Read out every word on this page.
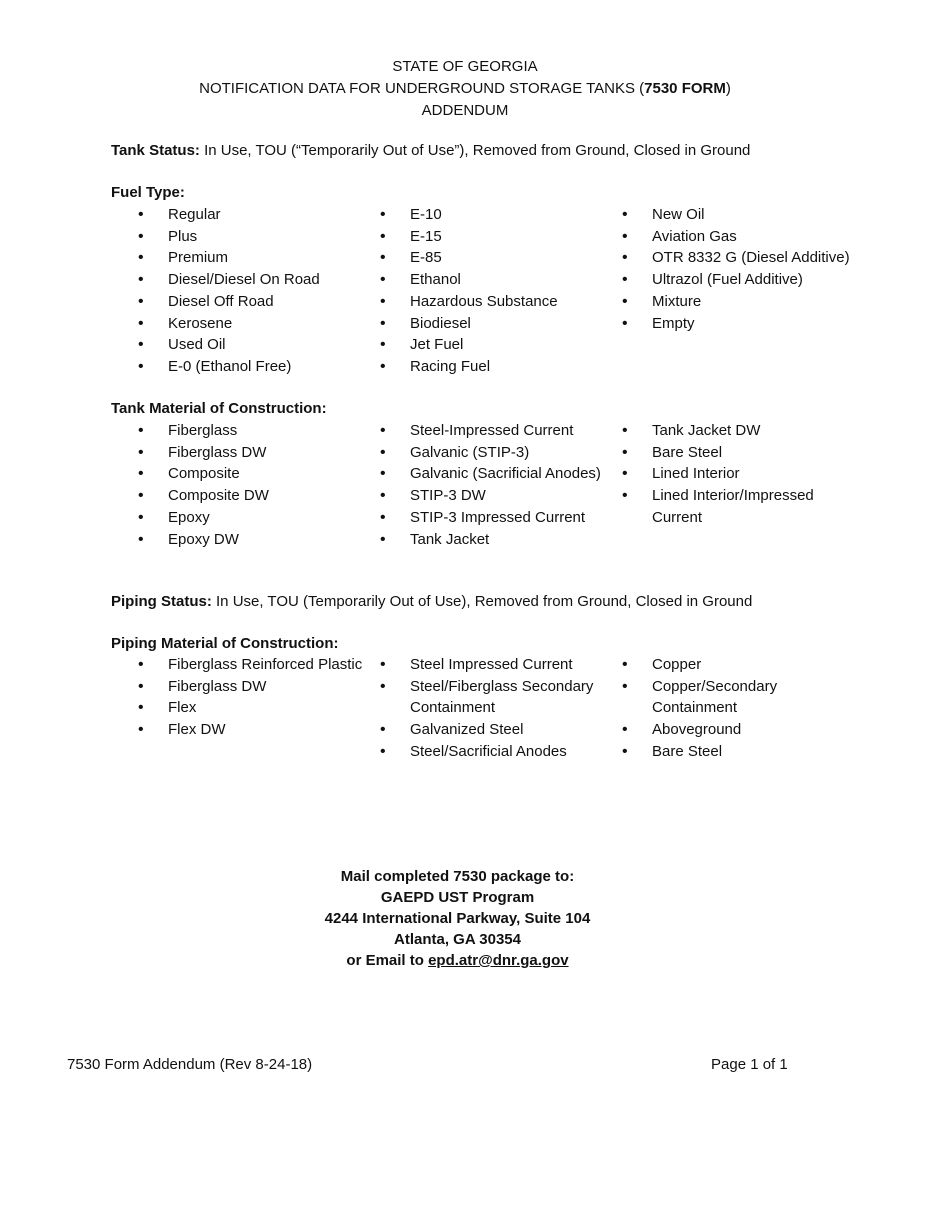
STATE OF GEORGIA
NOTIFICATION DATA FOR UNDERGROUND STORAGE TANKS (7530 FORM)
ADDENDUM
Tank Status: In Use, TOU (“Temporarily Out of Use”), Removed from Ground, Closed in Ground
Fuel Type:
• Regular
• Plus
• Premium
• Diesel/Diesel On Road
• Diesel Off Road
• Kerosene
• Used Oil
• E-0 (Ethanol Free)
• E-10
• E-15
• E-85
• Ethanol
• Hazardous Substance
• Biodiesel
• Jet Fuel
• Racing Fuel
• New Oil
• Aviation Gas
• OTR 8332 G (Diesel Additive)
• Ultrazol (Fuel Additive)
• Mixture
• Empty
Tank Material of Construction:
• Fiberglass
• Fiberglass DW
• Composite
• Composite DW
• Epoxy
• Epoxy DW
• Steel-Impressed Current
• Galvanic (STIP-3)
• Galvanic (Sacrificial Anodes)
• STIP-3 DW
• STIP-3 Impressed Current
• Tank Jacket
• Tank Jacket DW
• Bare Steel
• Lined Interior
• Lined Interior/Impressed Current
Piping Status: In Use, TOU (Temporarily Out of Use), Removed from Ground, Closed in Ground
Piping Material of Construction:
• Fiberglass Reinforced Plastic
• Fiberglass DW
• Flex
• Flex DW
• Steel Impressed Current
• Steel/Fiberglass Secondary Containment
• Galvanized Steel
• Steel/Sacrificial Anodes
• Copper
• Copper/Secondary Containment
• Aboveground
• Bare Steel
Mail completed 7530 package to:
GAEPD UST Program
4244 International Parkway, Suite 104
Atlanta, GA 30354
or Email to epd.atr@dnr.ga.gov
7530 Form Addendum (Rev 8-24-18)	Page 1 of 1
